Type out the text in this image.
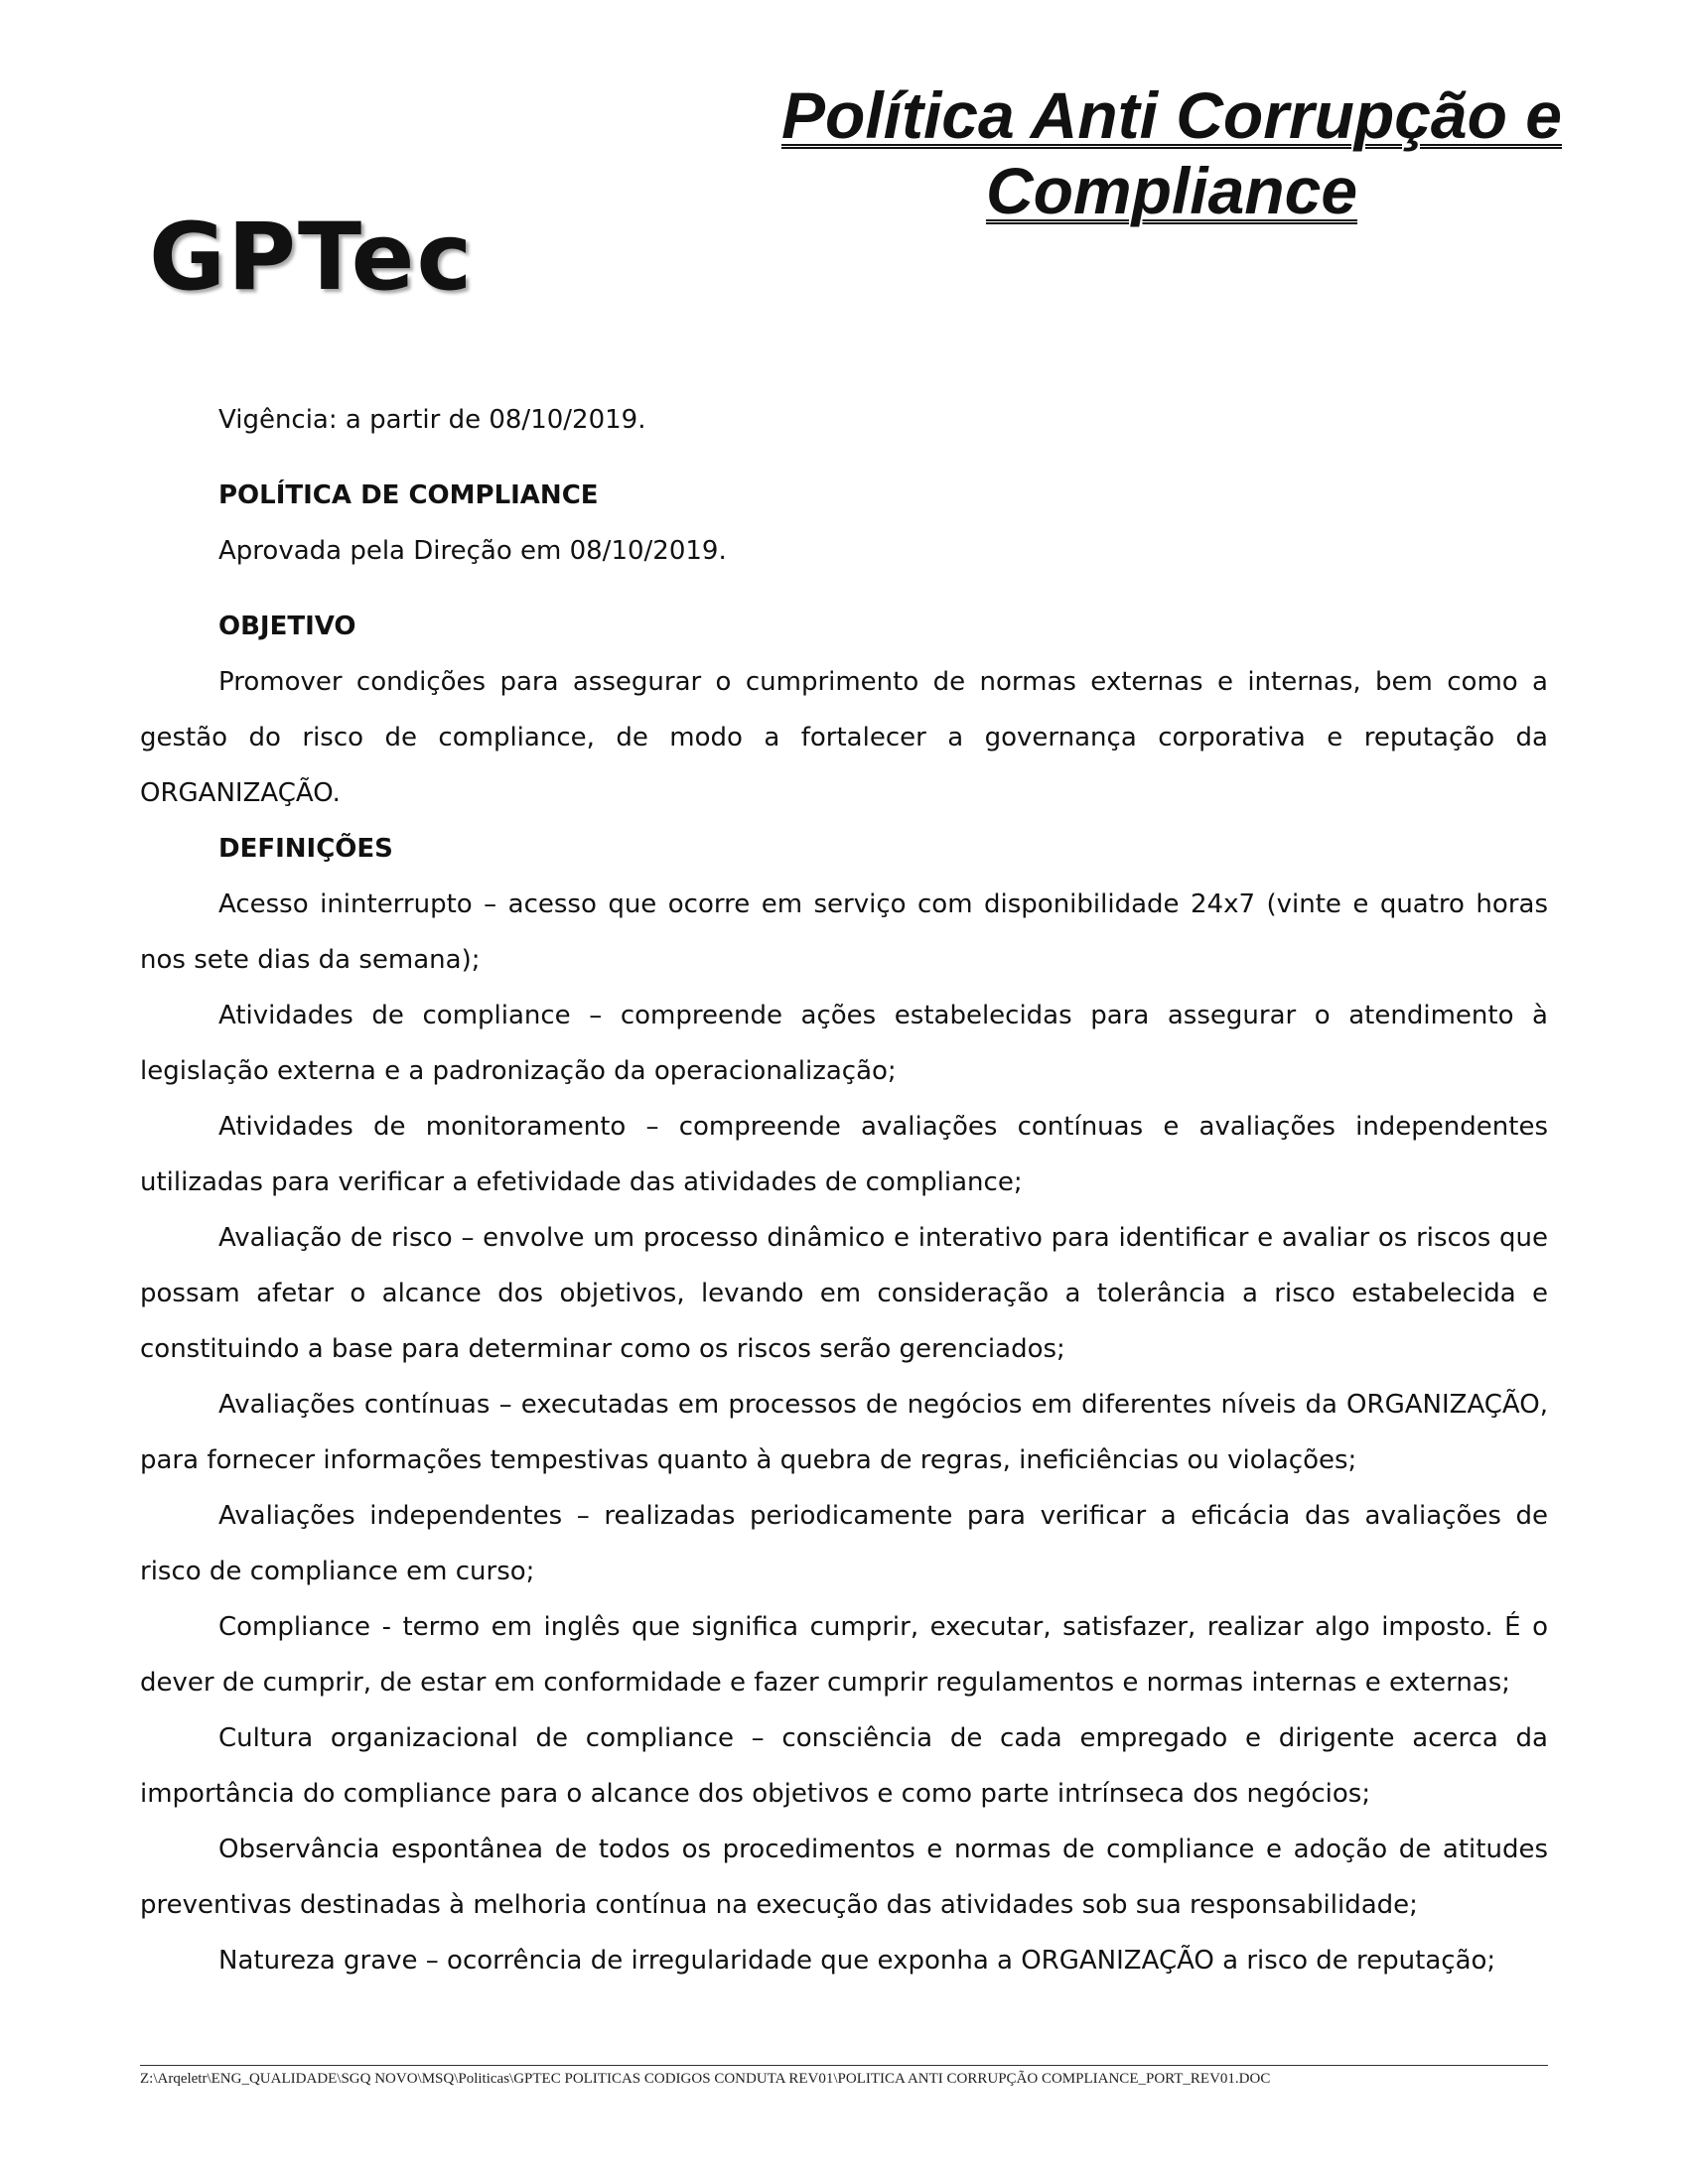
GPTec
Política Anti Corrupção e
Compliance

Vigência: a partir de 08/10/2019.

POLÍTICA DE COMPLIANCE

Aprovada pela Direção em 08/10/2019.

OBJETIVO

Promover condições para assegurar o cumprimento de normas externas e internas, bem como a gestão do risco de compliance, de modo a fortalecer a governança corporativa e reputação da ORGANIZAÇÃO.

DEFINIÇÕES

Acesso ininterrupto – acesso que ocorre em serviço com disponibilidade 24x7 (vinte e quatro horas nos sete dias da semana);

Atividades de compliance – compreende ações estabelecidas para assegurar o atendimento à legislação externa e a padronização da operacionalização;

Atividades de monitoramento – compreende avaliações contínuas e avaliações independentes utilizadas para verificar a efetividade das atividades de compliance;

Avaliação de risco – envolve um processo dinâmico e interativo para identificar e avaliar os riscos que possam afetar o alcance dos objetivos, levando em consideração a tolerância a risco estabelecida e constituindo a base para determinar como os riscos serão gerenciados;

Avaliações contínuas – executadas em processos de negócios em diferentes níveis da ORGANIZAÇÃO, para fornecer informações tempestivas quanto à quebra de regras, ineficiências ou violações;

Avaliações independentes – realizadas periodicamente para verificar a eficácia das avaliações de risco de compliance em curso;

Compliance - termo em inglês que significa cumprir, executar, satisfazer, realizar algo imposto. É o dever de cumprir, de estar em conformidade e fazer cumprir regulamentos e normas internas e externas;

Cultura organizacional de compliance – consciência de cada empregado e dirigente acerca da importância do compliance para o alcance dos objetivos e como parte intrínseca dos negócios;

Observância espontânea de todos os procedimentos e normas de compliance e adoção de atitudes preventivas destinadas à melhoria contínua na execução das atividades sob sua responsabilidade;

Natureza grave – ocorrência de irregularidade que exponha a ORGANIZAÇÃO a risco de reputação;

Z:\Arqeletr\ENG_QUALIDADE\SGQ NOVO\MSQ\Politicas\GPTEC POLITICAS CODIGOS CONDUTA REV01\POLITICA ANTI CORRUPÇÃO COMPLIANCE_PORT_REV01.DOC
